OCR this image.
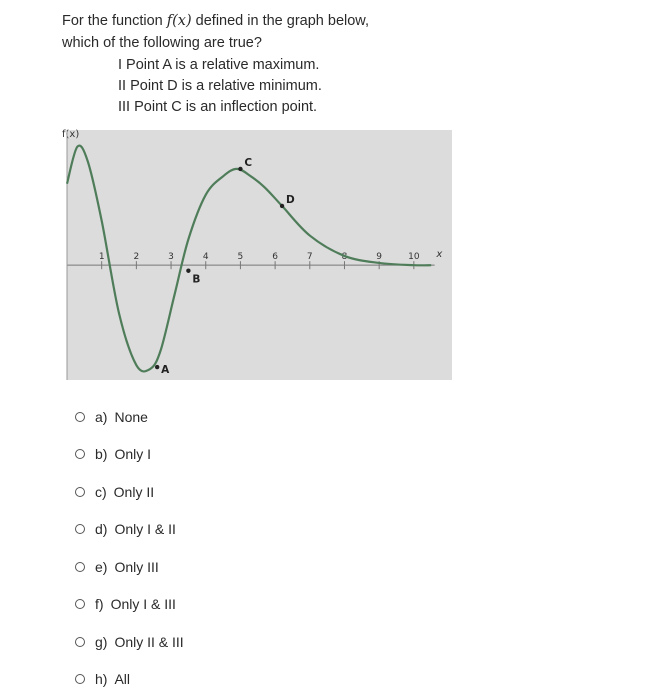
For the function f(x) defined in the graph below,
which of the following are true?
I Point A is a relative maximum.
II Point D is a relative minimum.
III Point C is an inflection point.
f(x)
1	2	3	4	5	6	7	8	9	10 x
A
B
C
D
a) None
b) Only I
c) Only II
d) Only I & II
e) Only III
f) Only I & III
g) Only II & III
h) All
